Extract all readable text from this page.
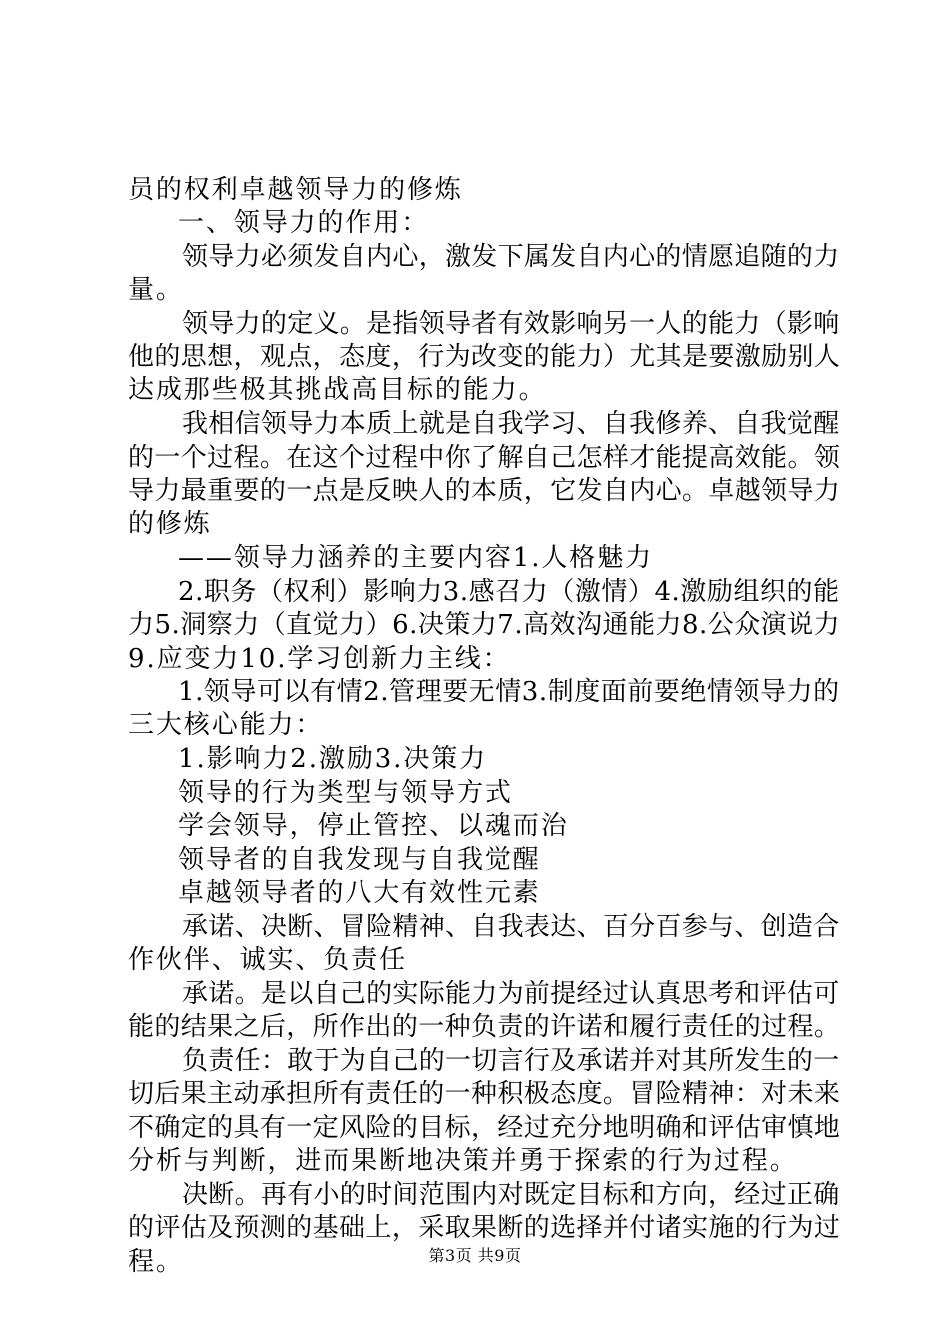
员的权利卓越领导力的修炼
一、领导力的作用：
领导力必须发自内心，激发下属发自内心的情愿追随的力
量。
领导力的定义。是指领导者有效影响另一人的能力（影响
他的思想，观点，态度，行为改变的能力）尤其是要激励别人
达成那些极其挑战高目标的能力。
我相信领导力本质上就是自我学习、自我修养、自我觉醒
的一个过程。在这个过程中你了解自己怎样才能提高效能。领
导力最重要的一点是反映人的本质，它发自内心。卓越领导力
的修炼
——领导力涵养的主要内容1.人格魅力
2.职务（权利）影响力3.感召力（激情）4.激励组织的能
力5.洞察力（直觉力）6.决策力7.高效沟通能力8.公众演说力
9.应变力10.学习创新力主线：
1.领导可以有情2.管理要无情3.制度面前要绝情领导力的
三大核心能力：
1.影响力2.激励3.决策力
领导的行为类型与领导方式
学会领导，停止管控、以魂而治
领导者的自我发现与自我觉醒
卓越领导者的八大有效性元素
承诺、决断、冒险精神、自我表达、百分百参与、创造合
作伙伴、诚实、负责任
承诺。是以自己的实际能力为前提经过认真思考和评估可
能的结果之后，所作出的一种负责的许诺和履行责任的过程。
负责任：敢于为自己的一切言行及承诺并对其所发生的一
切后果主动承担所有责任的一种积极态度。冒险精神：对未来
不确定的具有一定风险的目标，经过充分地明确和评估审慎地
分析与判断，进而果断地决策并勇于探索的行为过程。
决断。再有小的时间范围内对既定目标和方向，经过正确
的评估及预测的基础上，采取果断的选择并付诸实施的行为过
程。	第3页 共9页
